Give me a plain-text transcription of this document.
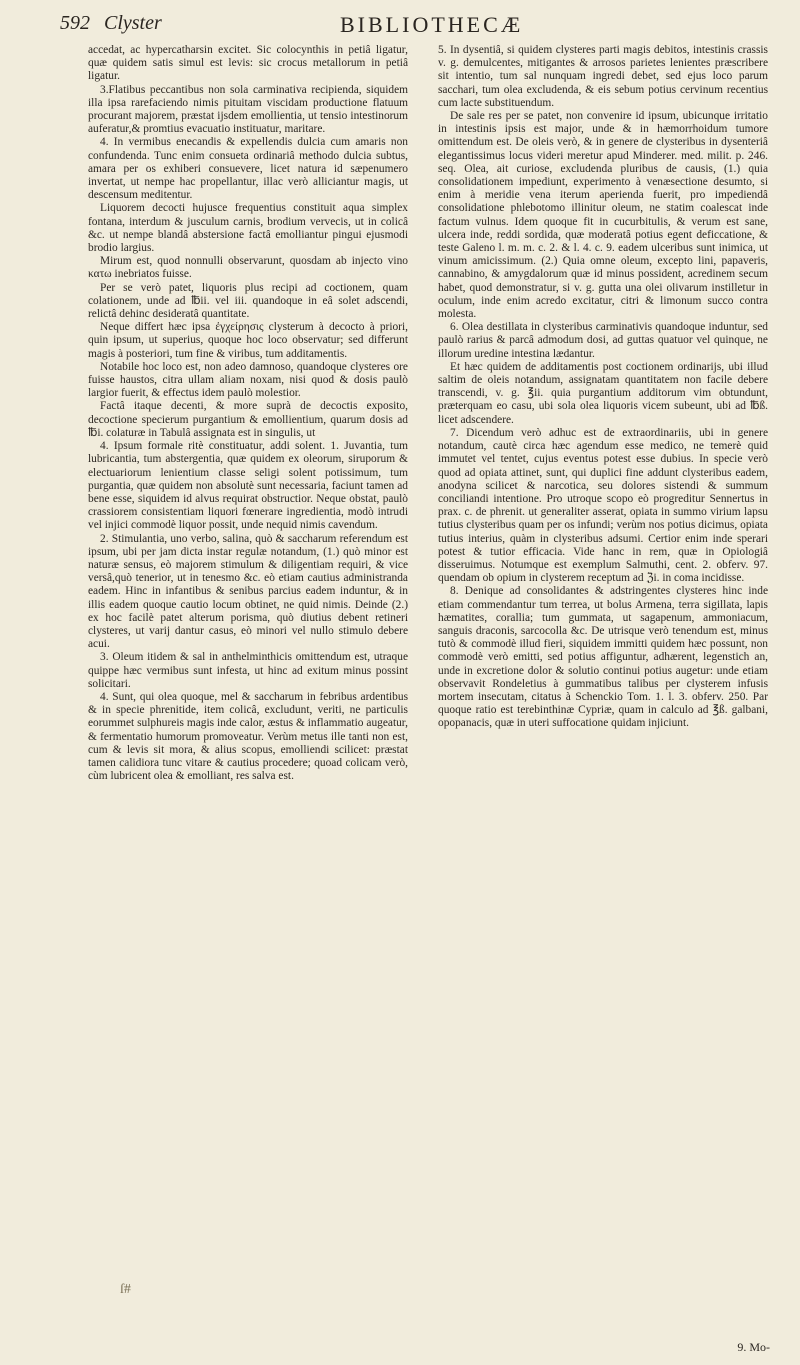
592 Clyster	BIBLIOTHECÆ

accedat, ac hypercatharsin excitet. Sic colocynthis in petiâ ligatur, quæ quidem satis simul est levis: sic crocus metallorum in petiâ ligatur.

3.Flatibus peccantibus non sola carminativa recipienda, siquidem illa ipsa rarefaciendo nimis pituitam viscidam productione flatuum procurant majorem, præstat ijsdem emollientia, ut tensio intestinorum auferatur,& promtius evacuatio instituatur, maritare.

4. In vermibus enecandis & expellendis dulcia cum amaris non confundenda. Tunc enim consueta ordinariâ methodo dulcia subtus, amara per os exhiberi consuevere, licet natura id sæpenumero invertat, ut nempe hac propellantur, illac verò alliciantur magis, ut descensum meditentur.

Liquorem decocti hujusce frequentius constituit aqua simplex fontana, interdum & jusculum carnis, brodium vervecis, ut in colicâ &c. ut nempe blandâ abstersione factâ emolliantur pingui ejusmodi brodio largius.

Mirum est, quod nonnulli observarunt, quosdam ab injecto vino κατω inebriatos fuisse.

Per se verò patet, liquoris plus recipi ad coctionem, quam colationem, unde ad ℔ii. vel iii. quandoque in eâ solet adscendi, relictâ dehinc desideratâ quantitate.

Neque differt hæc ipsa ἐγχείρησις clysterum à decocto à priori, quin ipsum, ut superius, quoque hoc loco observatur; sed differunt magis à posteriori, tum fine & viribus, tum additamentis.

Notabile hoc loco est, non adeo damnoso, quandoque clysteres ore fuisse haustos, citra ullam aliam noxam, nisi quod & dosis paulò largior fuerit, & effectus idem paulò molestior.

Factâ itaque decenti, & more suprà de decoctis exposito, decoctione specierum purgantium & emollientium, quarum dosis ad ℔i. colaturæ in Tabulâ assignata est in singulis, ut

4. Ipsum formale ritè constituatur, addi solent. 1. Juvantia, tum lubricantia, tum abstergentia, quæ quidem ex oleorum, siruporum & electuariorum lenientium classe seligi solent potissimum, tum purgantia, quæ quidem non absolutè sunt necessaria, faciunt tamen ad bene esse, siquidem id alvus requirat obstructior. Neque obstat, paulò crassiorem consistentiam liquori fœnerare ingredientia, modò intrudi vel injici commodè liquor possit, unde nequid nimis cavendum.

2. Stimulantia, uno verbo, salina, quò & saccharum referendum est ipsum, ubi per jam dicta instar regulæ notandum, (1.) quò minor est naturæ sensus, eò majorem stimulum & diligentiam requiri, & vice versâ,quò tenerior, ut in tenesmo &c. eò etiam cautius administranda eadem. Hinc in infantibus & senibus parcius eadem induntur, & in illis eadem quoque cautio locum obtinet, ne quid nimis. Deinde (2.) ex hoc facilè patet alterum porisma, quò diutius debent retineri clysteres, ut varij dantur casus, eò minori vel nullo stimulo debere acui.

3. Oleum itidem & sal in anthelminthicis omittendum est, utraque quippe hæc vermibus sunt infesta, ut hinc ad exitum minus possint solicitari.

4. Sunt, qui olea quoque, mel & saccharum in febribus ardentibus & in specie phrenitide, item colicâ, excludunt, veriti, ne particulis eorummet sulphureis magis inde calor, æstus & inflammatio augeatur, & fermentatio humorum promoveatur. Verùm metus ille tanti non est, cum & levis sit mora, & alius scopus, emolliendi scilicet: præstat tamen calidiora tunc vitare & cautius procedere; quoad colicam verò, cùm lubricent olea & emolliant, res salva est.

5. In dysentiâ, si quidem clysteres parti magis debitos, intestinis crassis v. g. demulcentes, mitigantes & arrosos parietes lenientes præscribere sit intentio, tum sal nunquam ingredi debet, sed ejus loco parum sacchari, tum olea excludenda, & eis sebum potius cervinum recentius cum lacte substituendum.

De sale res per se patet, non convenire id ipsum, ubicunque irritatio in intestinis ipsis est major, unde & in hæmorrhoidum tumore omittendum est. De oleis verò, & in genere de clysteribus in dysenteriâ elegantissimus locus videri meretur apud Minderer. med. milit. p. 246. seq. Olea, ait curiose, excludenda pluribus de causis, (1.) quia consolidationem impediunt, experimento à venæsectione desumto, si enim à meridie vena iterum aperienda fuerit, pro impediendâ consolidatione phlebotomo illinitur oleum, ne statim coalescat inde factum vulnus. Idem quoque fit in cucurbitulis, & verum est sane, ulcera inde, reddi sordida, quæ moderatâ potius egent deficcatione, & teste Galeno l. m. m. c. 2. & l. 4. c. 9. eadem ulceribus sunt inimica, ut vinum amicissimum. (2.) Quia omne oleum, excepto lini, papaveris, cannabino, & amygdalorum quæ id minus possident, acredinem secum habet, quod demonstratur, si v. g. gutta una olei olivarum instilletur in oculum, inde enim acredo excitatur, citri & limonum succo contra molesta.

6. Olea destillata in clysteribus carminativis quandoque induntur, sed paulò rarius & parcâ admodum dosi, ad guttas quatuor vel quinque, ne illorum uredine intestina lædantur.

Et hæc quidem de additamentis post coctionem ordinarijs, ubi illud saltim de oleis notandum, assignatam quantitatem non facile debere transcendi, v. g. ℥ii. quia purgantium additorum vim obtundunt, præterquam eo casu, ubi sola olea liquoris vicem subeunt, ubi ad ℔ß. licet adscendere.

7. Dicendum verò adhuc est de extraordinariis, ubi in genere notandum, cautè circa hæc agendum esse medico, ne temerè quid immutet vel tentet, cujus eventus potest esse dubius. In specie verò quod ad opiata attinet, sunt, qui duplici fine addunt clysteribus eadem, anodyna scilicet & narcotica, seu dolores sistendi & summum conciliandi intentione. Pro utroque scopo eò progreditur Sennertus in prax. c. de phrenit. ut generaliter asserat, opiata in summo virium lapsu tutius clysteribus quam per os infundi; verùm nos potius dicimus, opiata tutius interius, quàm in clysteribus adsumi. Certior enim inde sperari potest & tutior efficacia. Vide hanc in rem, quæ in Opiologiâ disseruimus. Notumque est exemplum Salmuthi, cent. 2. obferv. 97. quendam ob opium in clysterem receptum ad ℨi. in coma incidisse.

8. Denique ad consolidantes & adstringentes clysteres hinc inde etiam commendantur tum terrea, ut bolus Armena, terra sigillata, lapis hæmatites, corallia; tum gummata, ut sagapenum, ammoniacum, sanguis draconis, sarcocolla &c. De utrisque verò tenendum est, minus tutò & commodè illud fieri, siquidem immitti quidem hæc possunt, non commodè verò emitti, sed potius affiguntur, adhærent, legenstich an, unde in excretione dolor & solutio continui potius augetur: unde etiam observavit Rondeletius à gummatibus talibus per clysterem infusis mortem insecutam, citatus à Schenckio Tom. 1. l. 3. obferv. 250. Par quoque ratio est terebinthinæ Cypriæ, quam in calculo ad ℥ß. galbani, opopanacis, quæ in uteri suffocatione quidam injiciunt.

ſ#
9. Mo-
